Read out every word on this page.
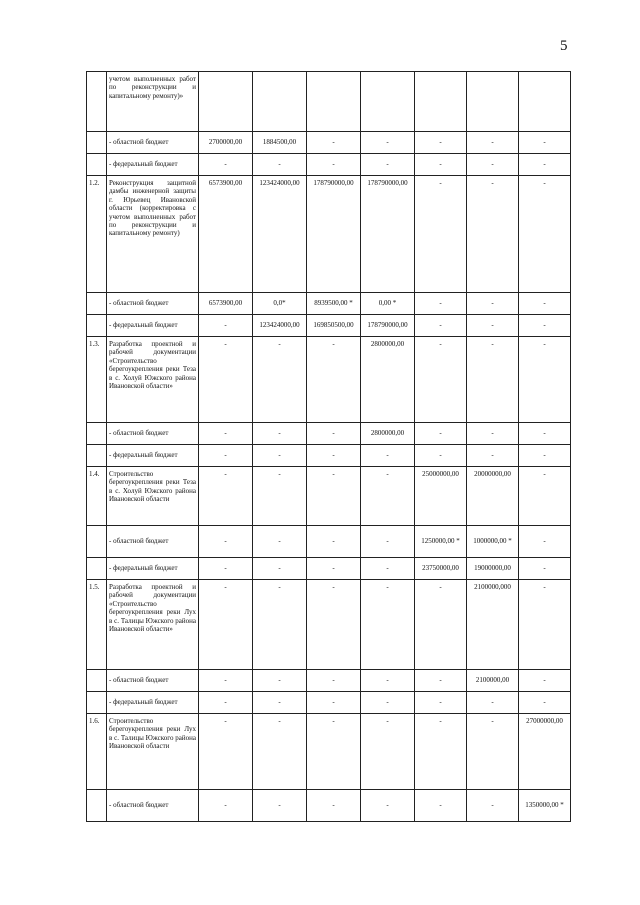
5
	учетом выполненных работ по реконструкции и капитальному ремонту)»							
	- областной бюджет	2700000,00	1884500,00	-	-	-	-	-
	- федеральный бюджет	-	-	-	-	-	-	-
1.2.	Реконструкция защитной дамбы инженерной защиты г. Юрьевец Ивановской области (корректировка с учетом выполненных работ по реконструкции и капитальному ремонту)	6573900,00	123424000,00	178790000,00	178790000,00	-	-	-
	- областной бюджет	6573900,00	0,0*	8939500,00 *	0,00 *	-	-	-
	- федеральный бюджет	-	123424000,00	169850500,00	178790000,00	-	-	-
1.3.	Разработка проектной и рабочей документации «Строительство берегоукрепления реки Теза в с. Холуй Южского района Ивановской области»	-	-	-	2800000,00	-	-	-
	- областной бюджет	-	-	-	2800000,00	-	-	-
	- федеральный бюджет	-	-	-	-	-	-	-
1.4.	Строительство берегоукрепления реки Теза в с. Холуй Южского района Ивановской области	-	-	-	-	25000000,00	20000000,00	-
	- областной бюджет	-	-	-	-	1250000,00 *	1000000,00 *	-
	- федеральный бюджет	-	-	-	-	23750000,00	19000000,00	-
1.5.	Разработка проектной и рабочей документации «Строительство берегоукрепления реки Лух в с. Талицы Южского района Ивановской области»	-	-	-	-	-	2100000,000	-
	- областной бюджет	-	-	-	-	-	2100000,00	-
	- федеральный бюджет	-	-	-	-	-	-	-
1.6.	Строительство берегоукрепления реки Лух в с. Талицы Южского района Ивановской области	-	-	-	-	-	-	27000000,00
	- областной бюджет	-	-	-	-	-	-	1350000,00 *
